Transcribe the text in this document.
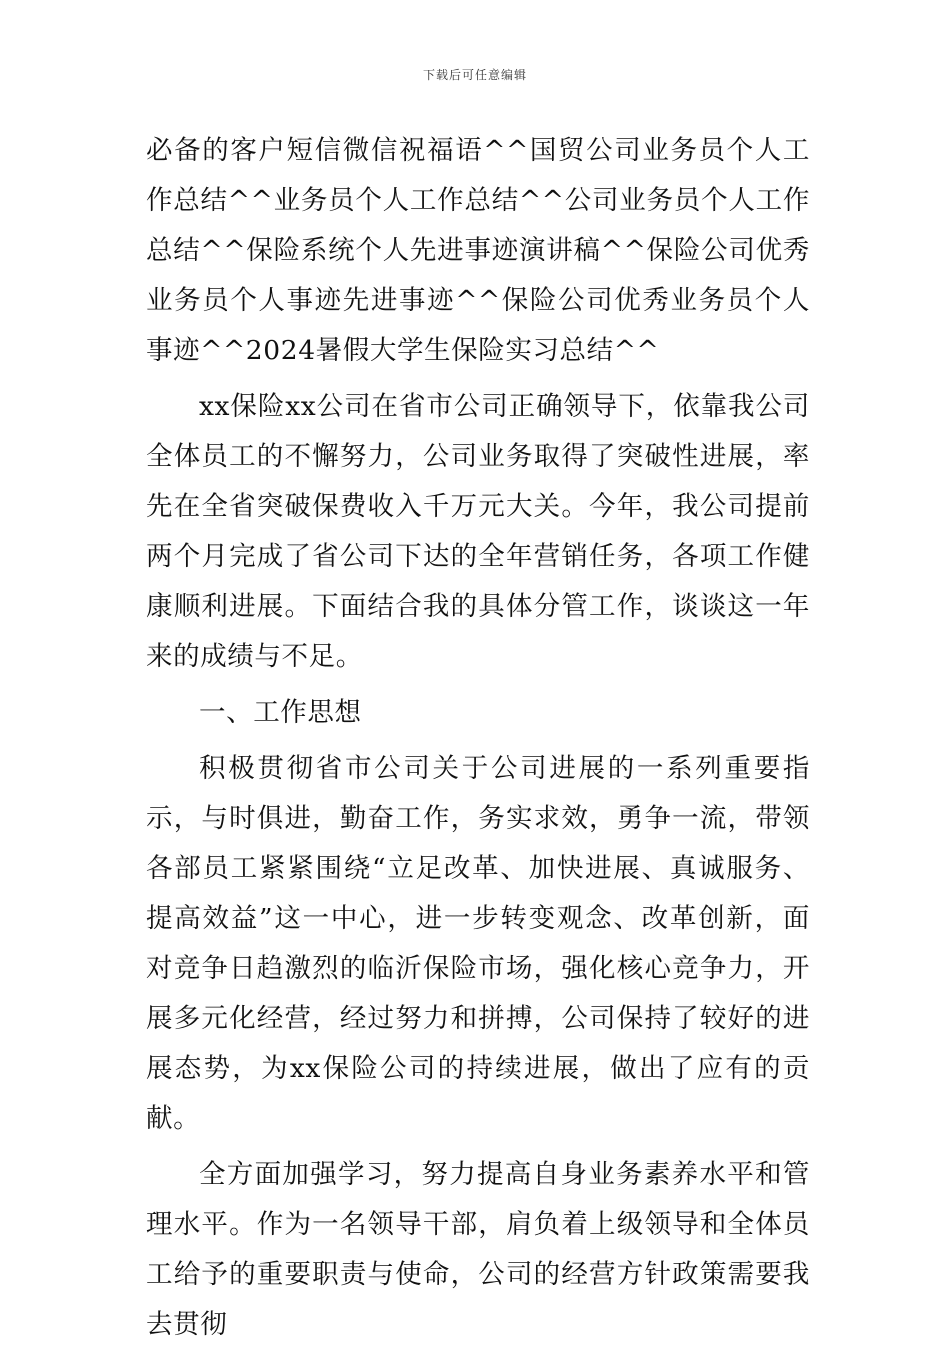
下载后可任意编辑

必备的客户短信微信祝福语^^国贸公司业务员个人工作总结^^业务员个人工作总结^^公司业务员个人工作总结^^保险系统个人先进事迹演讲稿^^保险公司优秀业务员个人事迹先进事迹^^保险公司优秀业务员个人事迹^^2024暑假大学生保险实习总结^^

xx保险xx公司在省市公司正确领导下，依靠我公司全体员工的不懈努力，公司业务取得了突破性进展，率先在全省突破保费收入千万元大关。今年，我公司提前两个月完成了省公司下达的全年营销任务，各项工作健康顺利进展。下面结合我的具体分管工作，谈谈这一年来的成绩与不足。

一、工作思想

积极贯彻省市公司关于公司进展的一系列重要指示，与时俱进，勤奋工作，务实求效，勇争一流，带领各部员工紧紧围绕“立足改革、加快进展、真诚服务、提高效益”这一中心，进一步转变观念、改革创新，面对竞争日趋激烈的临沂保险市场，强化核心竞争力，开展多元化经营，经过努力和拼搏，公司保持了较好的进展态势，为xx保险公司的持续进展，做出了应有的贡献。

全方面加强学习，努力提高自身业务素养水平和管理水平。作为一名领导干部，肩负着上级领导和全体员工给予的重要职责与使命，公司的经营方针政策需要我去贯彻
